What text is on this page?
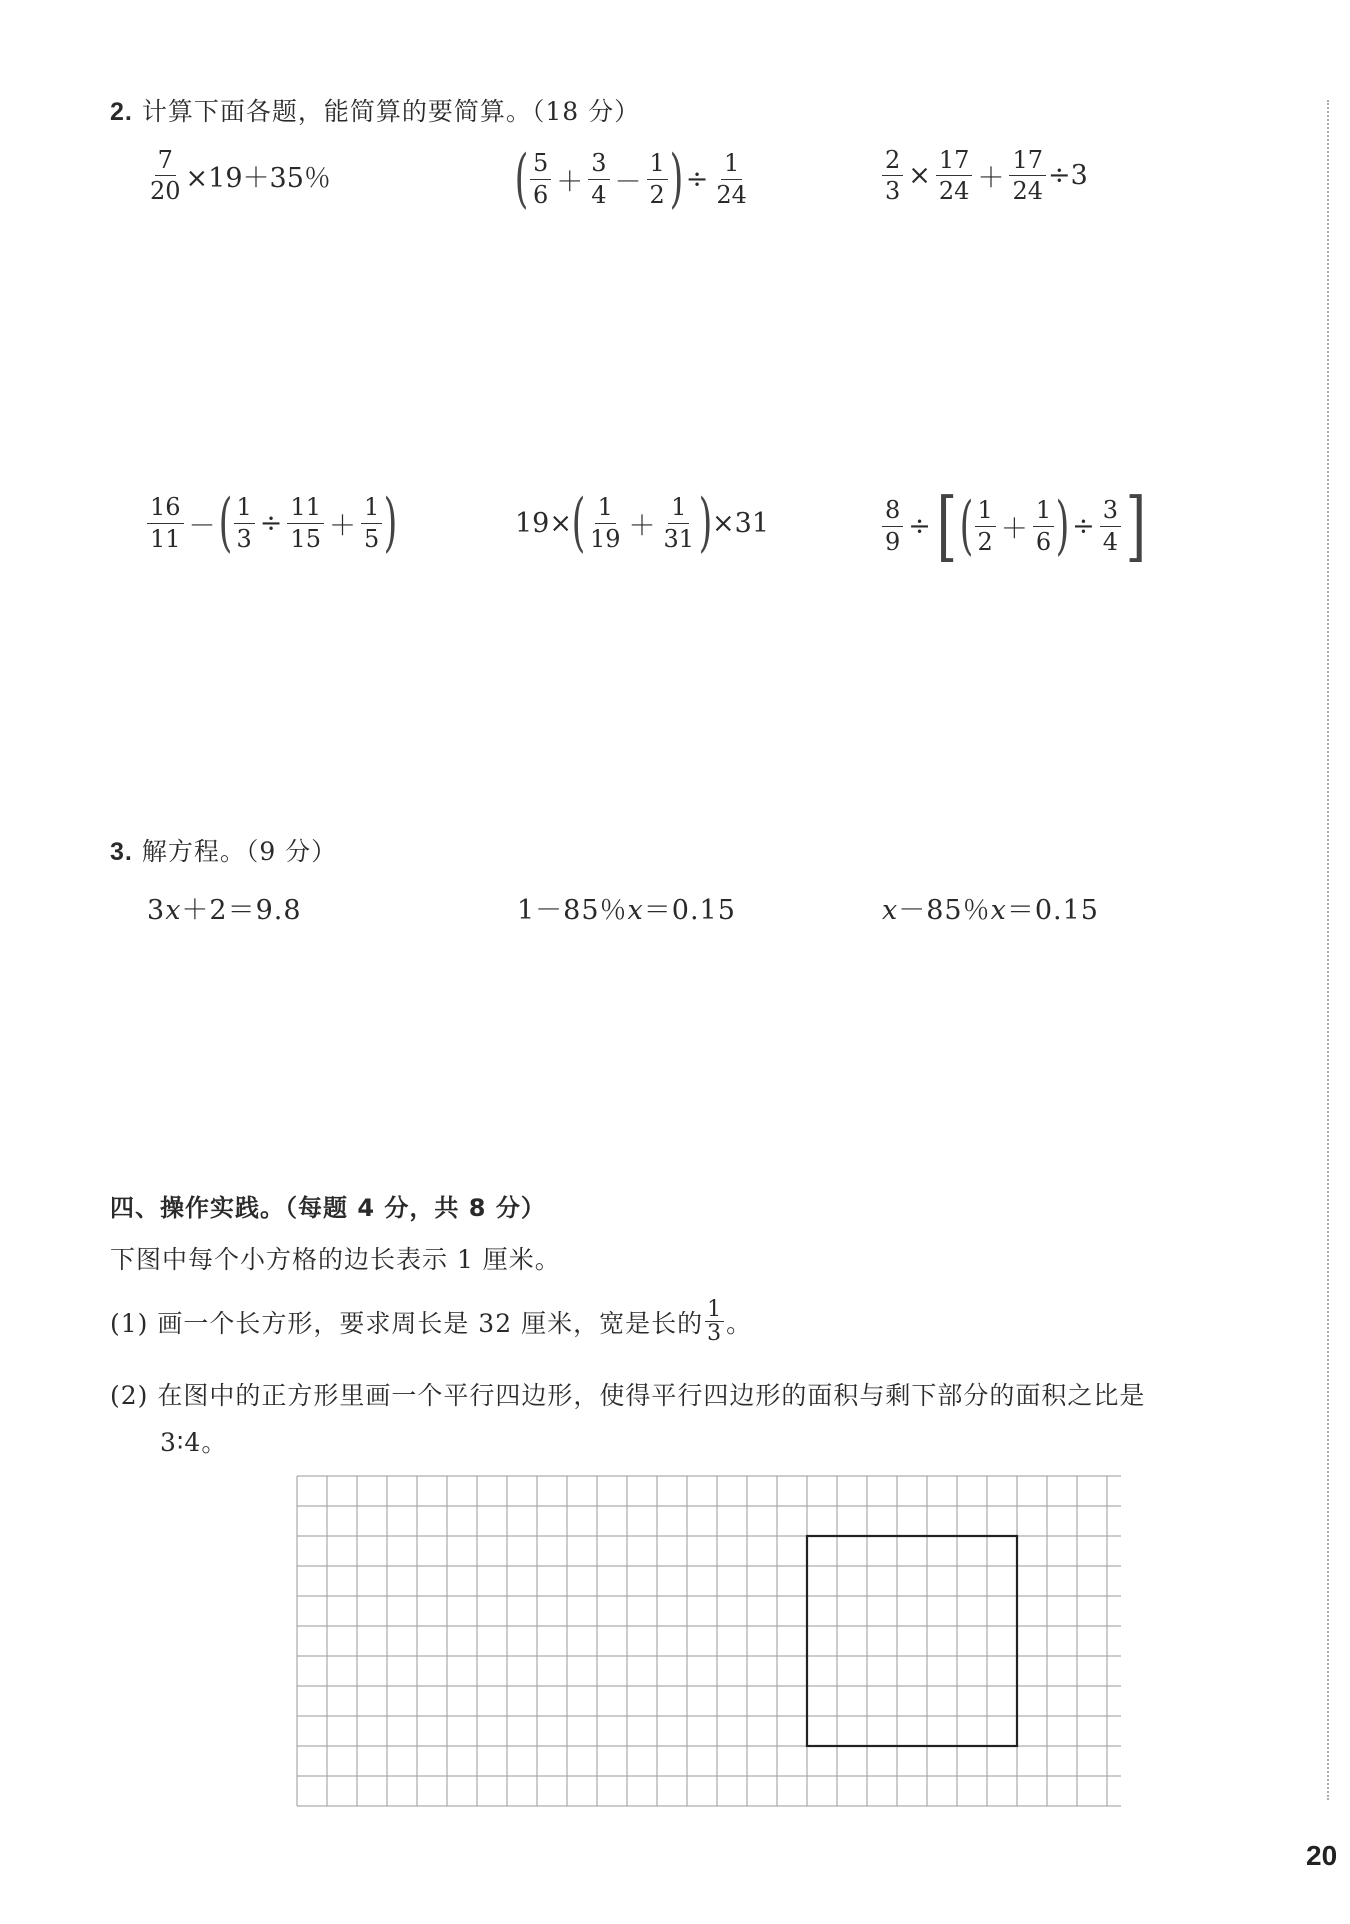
2. 计算下面各题，能简算的要简算。（18 分）
$\frac{7}{20} \times 19+35$％	( $\frac{5}{6} + \frac{3}{4} - \frac{1}{2}$ ) ÷ $\frac{1}{24}$	$\frac{2}{3} \times \frac{17}{24} + \frac{17}{24} \div 3$
$\frac{16}{11}$ － ( $\frac{1}{3} \div \frac{11}{15} + \frac{1}{5}$ )	19× ( $\frac{1}{19} + \frac{1}{31}$ ) ×31	$\frac{8}{9}$ ÷ [ ( $\frac{1}{2} + \frac{1}{6}$ ) ÷ $\frac{3}{4}$ ]
3. 解方程。（9 分）
3x＋2＝9.8	1－85％x＝0.15	x－85％x＝0.15
四、操作实践。（每题 4 分，共 8 分）
下图中每个小方格的边长表示 1 厘米。
(1) 画一个长方形，要求周长是 32 厘米，宽是长的 1
3 。
(2) 在图中的正方形里画一个平行四边形，使得平行四边形的面积与剩下部分的面积之比是
3∶4。
20
